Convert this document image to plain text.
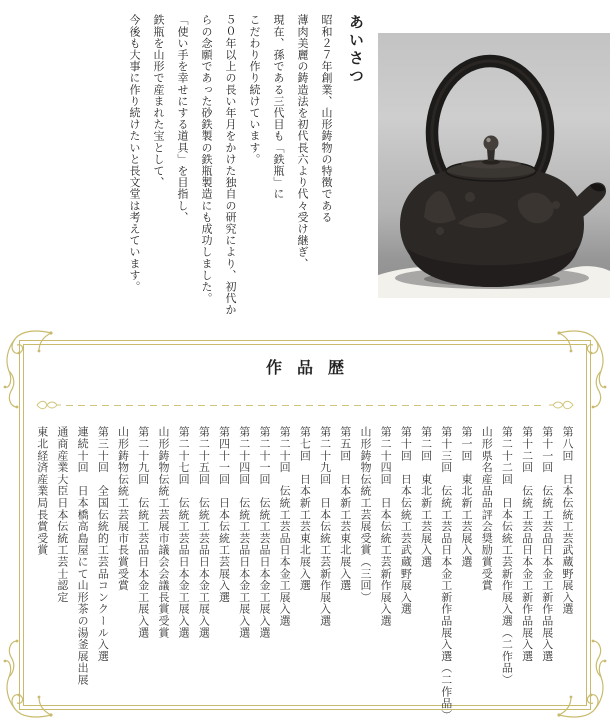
あいさつ
昭和２７年創業、山形鋳物の特徴である
薄肉美麗の鋳造法を初代長六より代々受け継ぎ、
現在、孫である三代目も「鉄瓶」に
こだわり作り続けています。
５０年以上の長い年月をかけた独自の研究により、初代か
らの念願であった砂鉄製の鉄瓶製造にも成功しました。
「使い手を幸せにする道具」を目指し、
鉄瓶を山形で産まれた宝として、
今後も大事に作り続けたいと長文堂は考えています。
作品歴
第八回　日本伝統工芸武蔵野展入選
第十一回　伝統工芸品日本金工新作品展入選
第十二回　伝統工芸品日本金工新作品展入選
第二十二回　日本伝統工芸新作展入選（二作品）
山形県名産品品評会奨励賞受賞
第一回　東北新工芸展入選
第十三回　伝統工芸品日本金工新作品展入選（二作品）
第二回　東北新工芸展入選
第十回　日本伝統工芸武蔵野展入選
第二十四回　日本伝統工芸新作展入選
山形鋳物伝統工芸展受賞（三回）
第五回　日本新工芸東北展入選
第二十九回　日本伝統工芸新作展入選
第七回　日本新工芸東北展入選
第二十回　伝統工芸品日本金工展入選
第二十一回　伝統工芸品日本金工展入選
第二十四回　伝統工芸品日本金工展入選
第四十一回　日本伝統工芸展入選
第二十五回　伝統工芸品日本金工展入選
第二十七回　伝統工芸品日本金工展入選
山形鋳物伝統工芸展市議会会議長賞受賞
第二十九回　伝統工芸品日本金工展入選
山形鋳物伝統工芸展市長賞受賞
第三十回　全国伝統的工芸品コンクール入選
連続十回　日本橋高島屋にて山形茶の湯釜展出展
通商産業大臣日本伝統工芸士認定
東北経済産業局長賞受賞
